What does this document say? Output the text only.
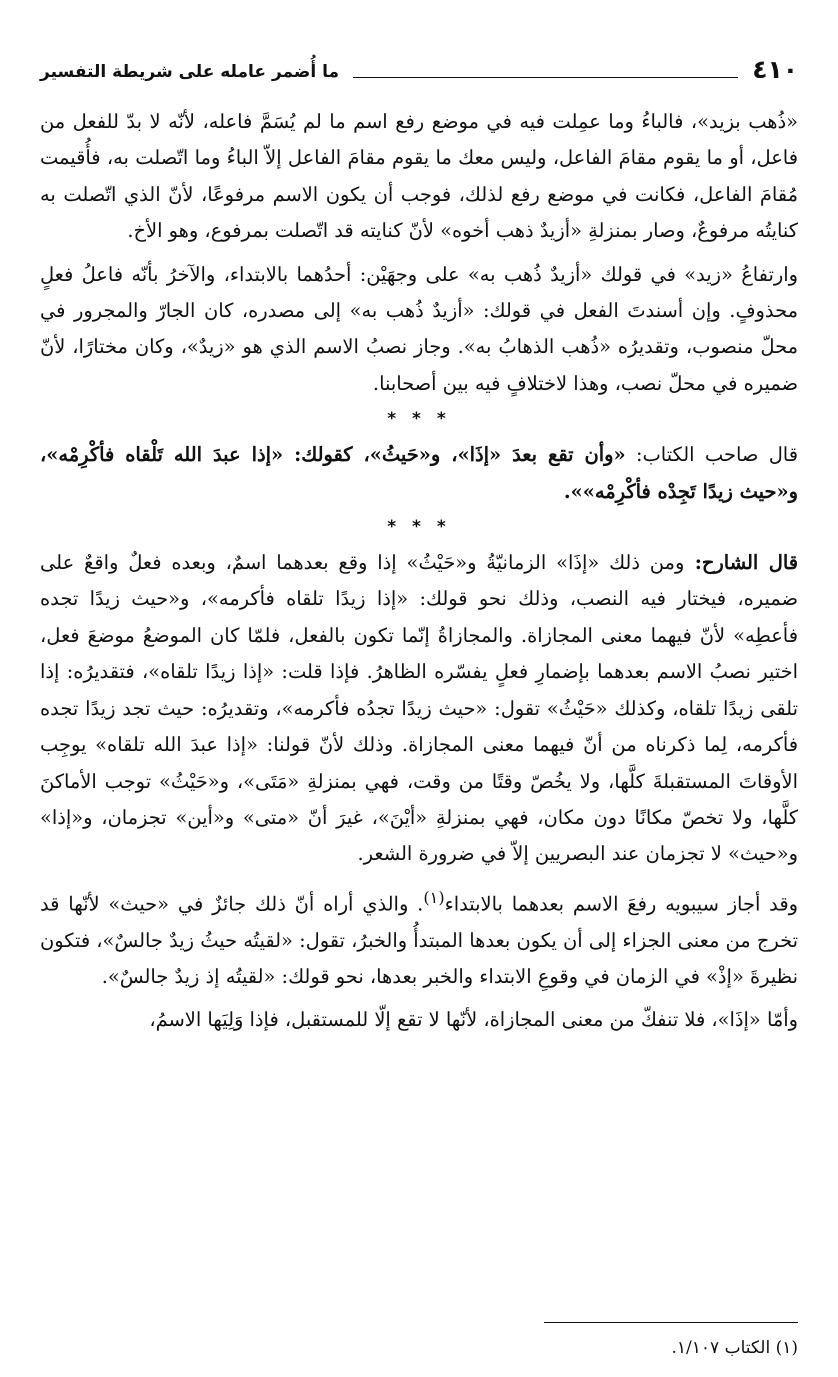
٤١٠
ما أُضمر عامله على شريطة التفسير

«ذُهب بزيد»، فالباءُ وما عمِلت فيه في موضع رفع اسم ما لم يُسَمَّ فاعله، لأنّه لا بدّ للفعل من فاعل، أو ما يقوم مقامَ الفاعل، وليس معك ما يقوم مقامَ الفاعل إلاّ الباءُ وما اتّصلت به، فأُقيمت مُقامَ الفاعل، فكانت في موضع رفع لذلك، فوجب أن يكون الاسم مرفوعًا، لأنّ الذي اتّصلت به كنايتُه مرفوعٌ، وصار بمنزلةِ «أزيدٌ ذهب أخوه» لأنّ كنايته قد اتّصلت بمرفوع، وهو الأخ.

وارتفاعُ «زيد» في قولك «أزيدٌ ذُهب به» على وجهَيْن: أحدُهما بالابتداء، والآخرُ بأنّه فاعلُ فعلٍ محذوفٍ. وإن أسندتَ الفعل في قولك: «أزيدٌ ذُهب به» إلى مصدره، كان الجارّ والمجرور في محلّ منصوب، وتقديرُه «ذُهب الذهابُ به». وجاز نصبُ الاسم الذي هو «زيدٌ»، وكان مختارًا، لأنّ ضميره في محلّ نصب، وهذا لاختلافٍ فيه بين أصحابنا.

* * *

قال صاحب الكتاب: «وأن تقع بعدَ «إذَا»، و«حَيثُ»، كقولك: «إذا عبدَ الله تَلْقاه فأكْرِمْه»، و«حيث زيدًا تَجِدْه فأكْرِمْه»».

* * *

قال الشارح: ومن ذلك «إذَا» الزمانيّةُ و«حَيْثُ» إذا وقع بعدهما اسمٌ، وبعده فعلٌ واقعٌ على ضميره، فيختار فيه النصب، وذلك نحو قولك: «إذا زيدًا تلقاه فأكرمه»، و«حيث زيدًا تجده فأعطِه» لأنّ فيهما معنى المجازاة. والمجازاةُ إنّما تكون بالفعل، فلمّا كان الموضعُ موضعَ فعل، اختير نصبُ الاسم بعدهما بإضمارِ فعلٍ يفسّره الظاهرُ. فإذا قلت: «إذا زيدًا تلقاه»، فتقديرُه: إذا تلقى زيدًا تلقاه، وكذلك «حَيْثُ» تقول: «حيث زيدًا تجدُه فأكرمه»، وتقديرُه: حيث تجد زيدًا تجده فأكرمه، لِما ذكرناه من أنّ فيهما معنى المجازاة. وذلك لأنّ قولنا: «إذا عبدَ الله تلقاه» يوجِب الأوقاتَ المستقبلةَ كلَّها، ولا يخُصّ وقتًا من وقت، فهي بمنزلةِ «مَتَى»، و«حَيْثُ» توجب الأماكنَ كلَّها، ولا تخصّ مكانًا دون مكان، فهي بمنزلةِ «أيْنَ»، غيرَ أنّ «متى» و«أين» تجزمان، و«إذا» و«حيث» لا تجزمان عند البصريين إلاّ في ضرورة الشعر.

وقد أجاز سيبويه رفعَ الاسم بعدهما بالابتداء$^{(١)}$. والذي أراه أنّ ذلك جائزٌ في «حيث» لأنّها قد تخرج من معنى الجزاء إلى أن يكون بعدها المبتدأُ والخبرُ، تقول: «لقيتُه حيثُ زيدٌ جالسٌ»، فتكون نظيرةَ «إذْ» في الزمان في وقوعِ الابتداء والخبر بعدها، نحو قولك: «لقيتُه إذ زيدٌ جالسٌ».

وأمّا «إذَا»، فلا تنفكّ من معنى المجازاة، لأنّها لا تقع إلّا للمستقبل، فإذا وَلِيَها الاسمُ،

(١) الكتاب ١/١٠٧.
